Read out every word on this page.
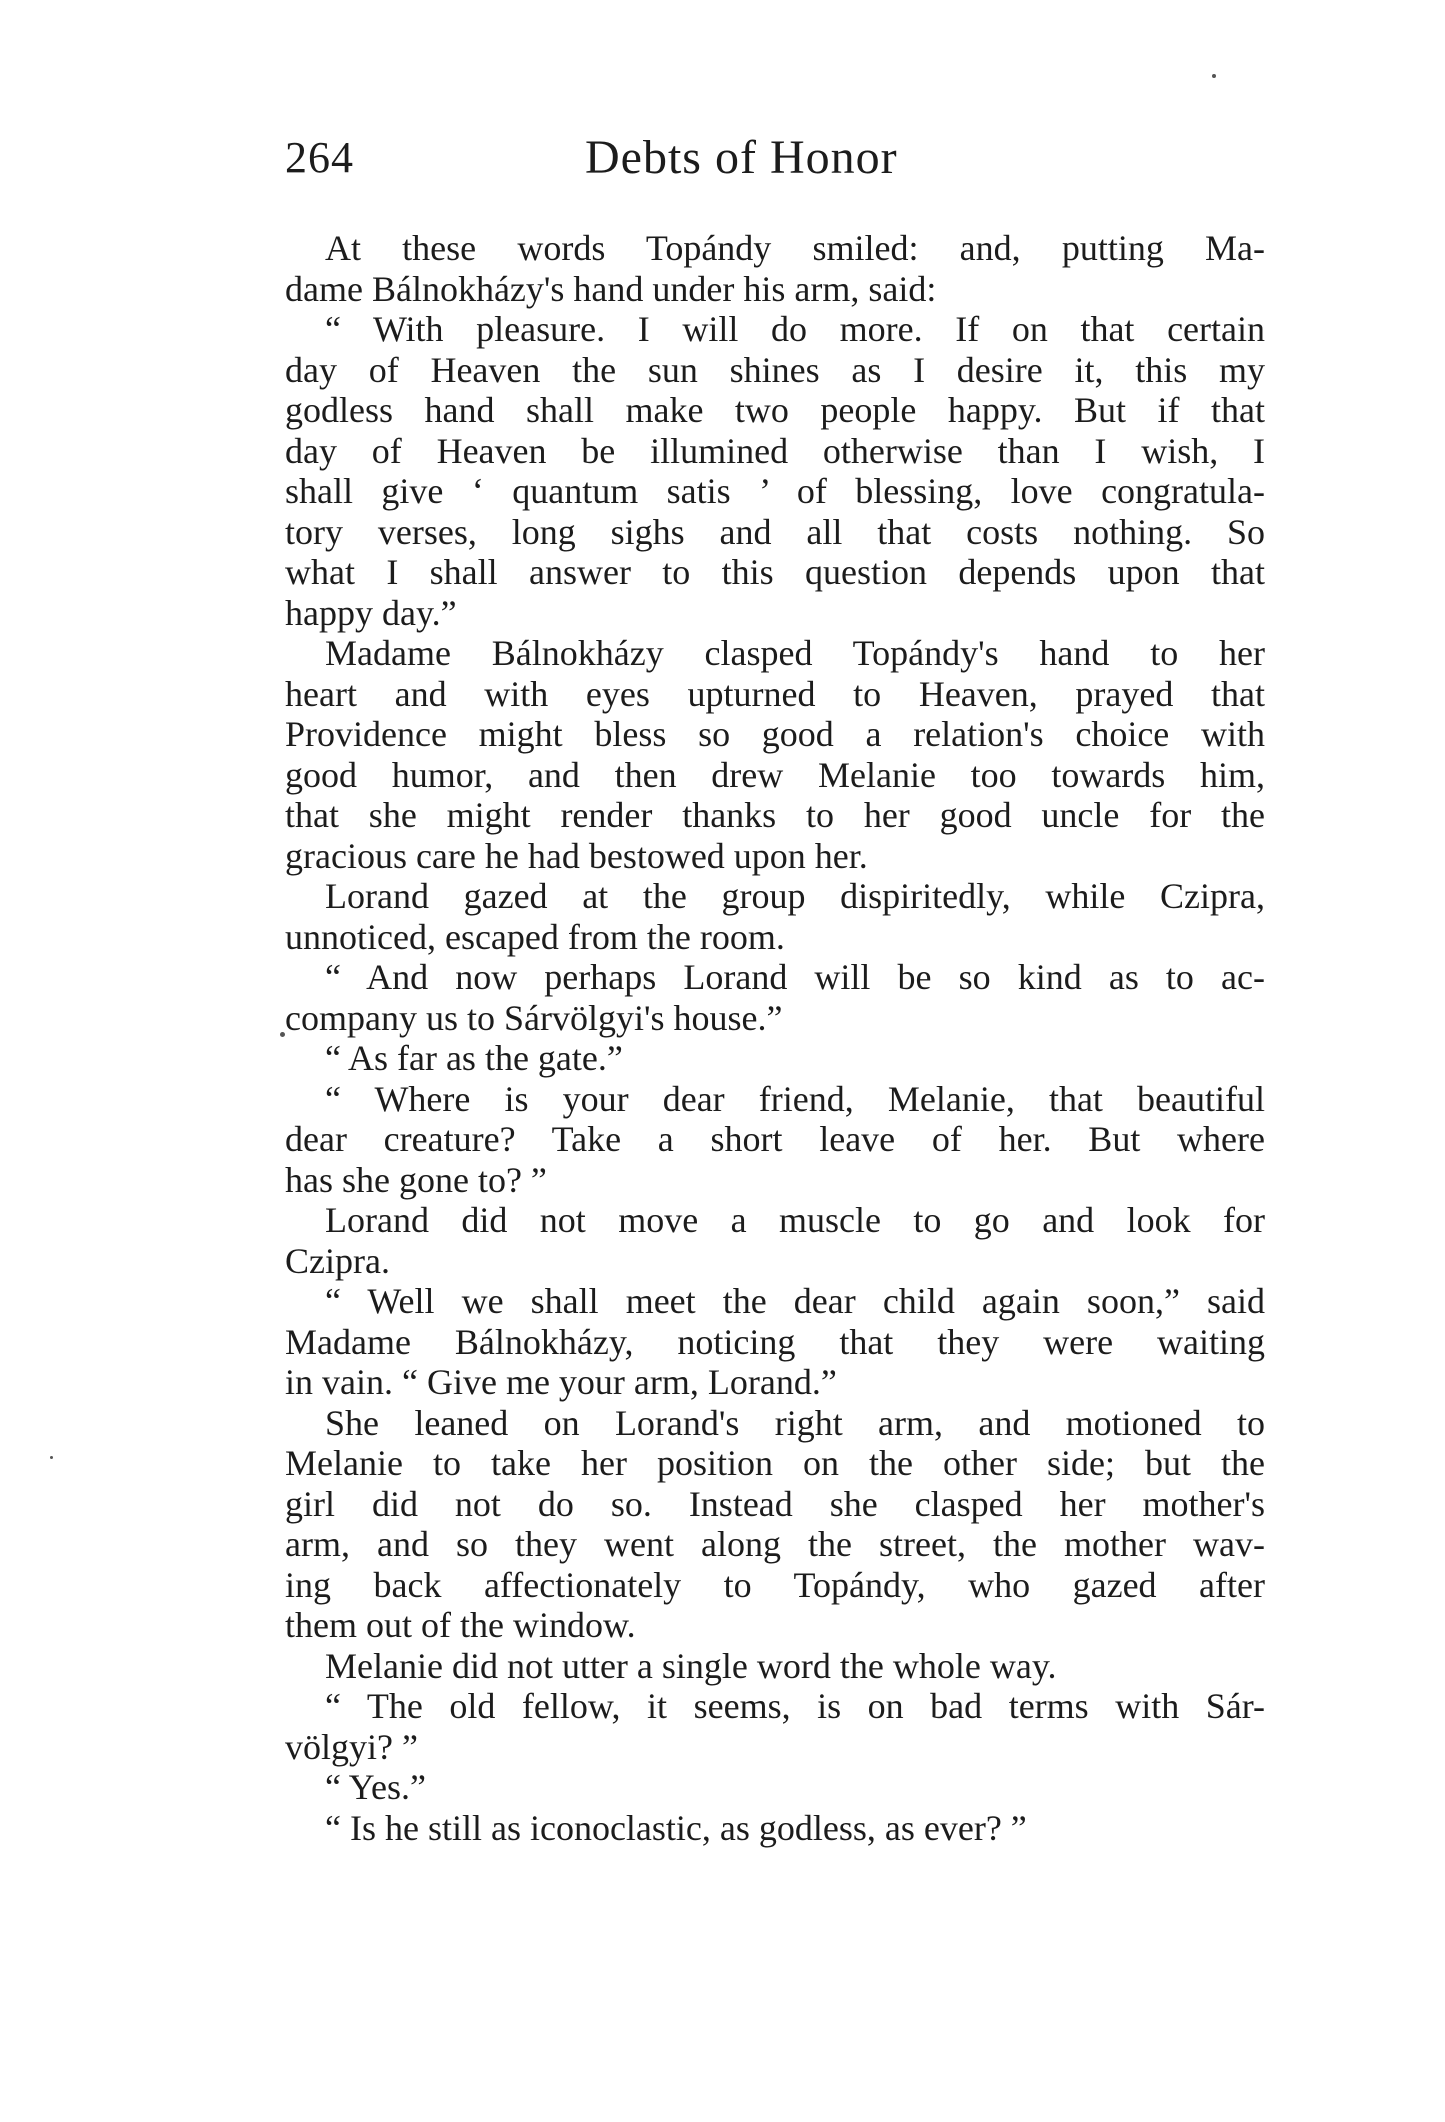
264	Debts of Honor
At these words Topándy smiled: and, putting Ma-
dame Bálnokházy's hand under his arm, said:
“ With pleasure. I will do more. If on that certain
day of Heaven the sun shines as I desire it, this my
godless hand shall make two people happy. But if that
day of Heaven be illumined otherwise than I wish, I
shall give ‘ quantum satis ’ of blessing, love congratula-
tory verses, long sighs and all that costs nothing. So
what I shall answer to this question depends upon that
happy day.”
Madame Bálnokházy clasped Topándy's hand to her
heart and with eyes upturned to Heaven, prayed that
Providence might bless so good a relation's choice with
good humor, and then drew Melanie too towards him,
that she might render thanks to her good uncle for the
gracious care he had bestowed upon her.
Lorand gazed at the group dispiritedly, while Czipra,
unnoticed, escaped from the room.
“ And now perhaps Lorand will be so kind as to ac-
company us to Sárvölgyi's house.”
“ As far as the gate.”
“ Where is your dear friend, Melanie, that beautiful
dear creature? Take a short leave of her. But where
has she gone to? ”
Lorand did not move a muscle to go and look for
Czipra.
“ Well we shall meet the dear child again soon,” said
Madame Bálnokházy, noticing that they were waiting
in vain. “ Give me your arm, Lorand.”
She leaned on Lorand's right arm, and motioned to
Melanie to take her position on the other side; but the
girl did not do so. Instead she clasped her mother's
arm, and so they went along the street, the mother wav-
ing back affectionately to Topándy, who gazed after
them out of the window.
Melanie did not utter a single word the whole way.
“ The old fellow, it seems, is on bad terms with Sár-
völgyi? ”
“ Yes.”
“ Is he still as iconoclastic, as godless, as ever? ”
